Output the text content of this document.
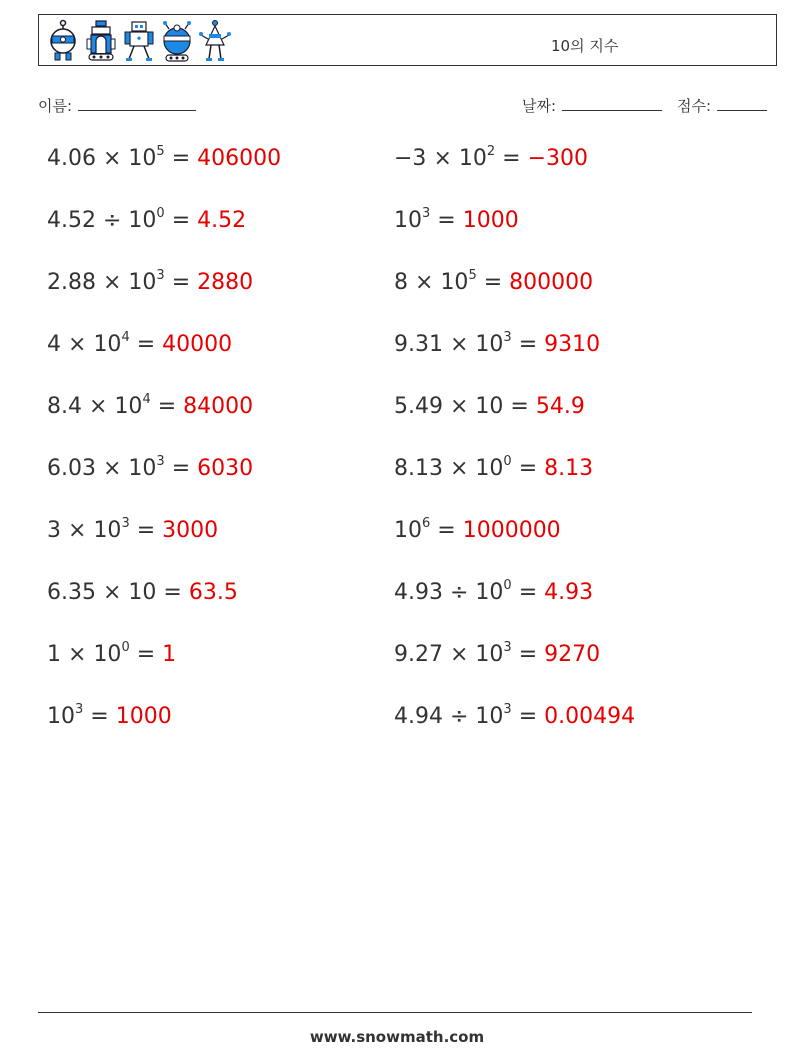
10의 지수
이름:	날짜:	점수:
$4.06 \times 10^5 = 406000$
$4.52 \div 10^0 = 4.52$
$2.88 \times 10^3 = 2880$
$4 \times 10^4 = 40000$
$8.4 \times 10^4 = 84000$
$6.03 \times 10^3 = 6030$
$3 \times 10^3 = 3000$
6.35 × 10 = 63.5
$1 \times 10^0 = 1$
$10^3 = 1000$
$-3 \times 10^2 = -300$
$10^3 = 1000$
$8 \times 10^5 = 800000$
$9.31 \times 10^3 = 9310$
5.49 × 10 = 54.9
$8.13 \times 10^0 = 8.13$
$10^6 = 1000000$
$4.93 \div 10^0 = 4.93$
$9.27 \times 10^3 = 9270$
$4.94 \div 10^3 = 0.00494$
www.snowmath.com
